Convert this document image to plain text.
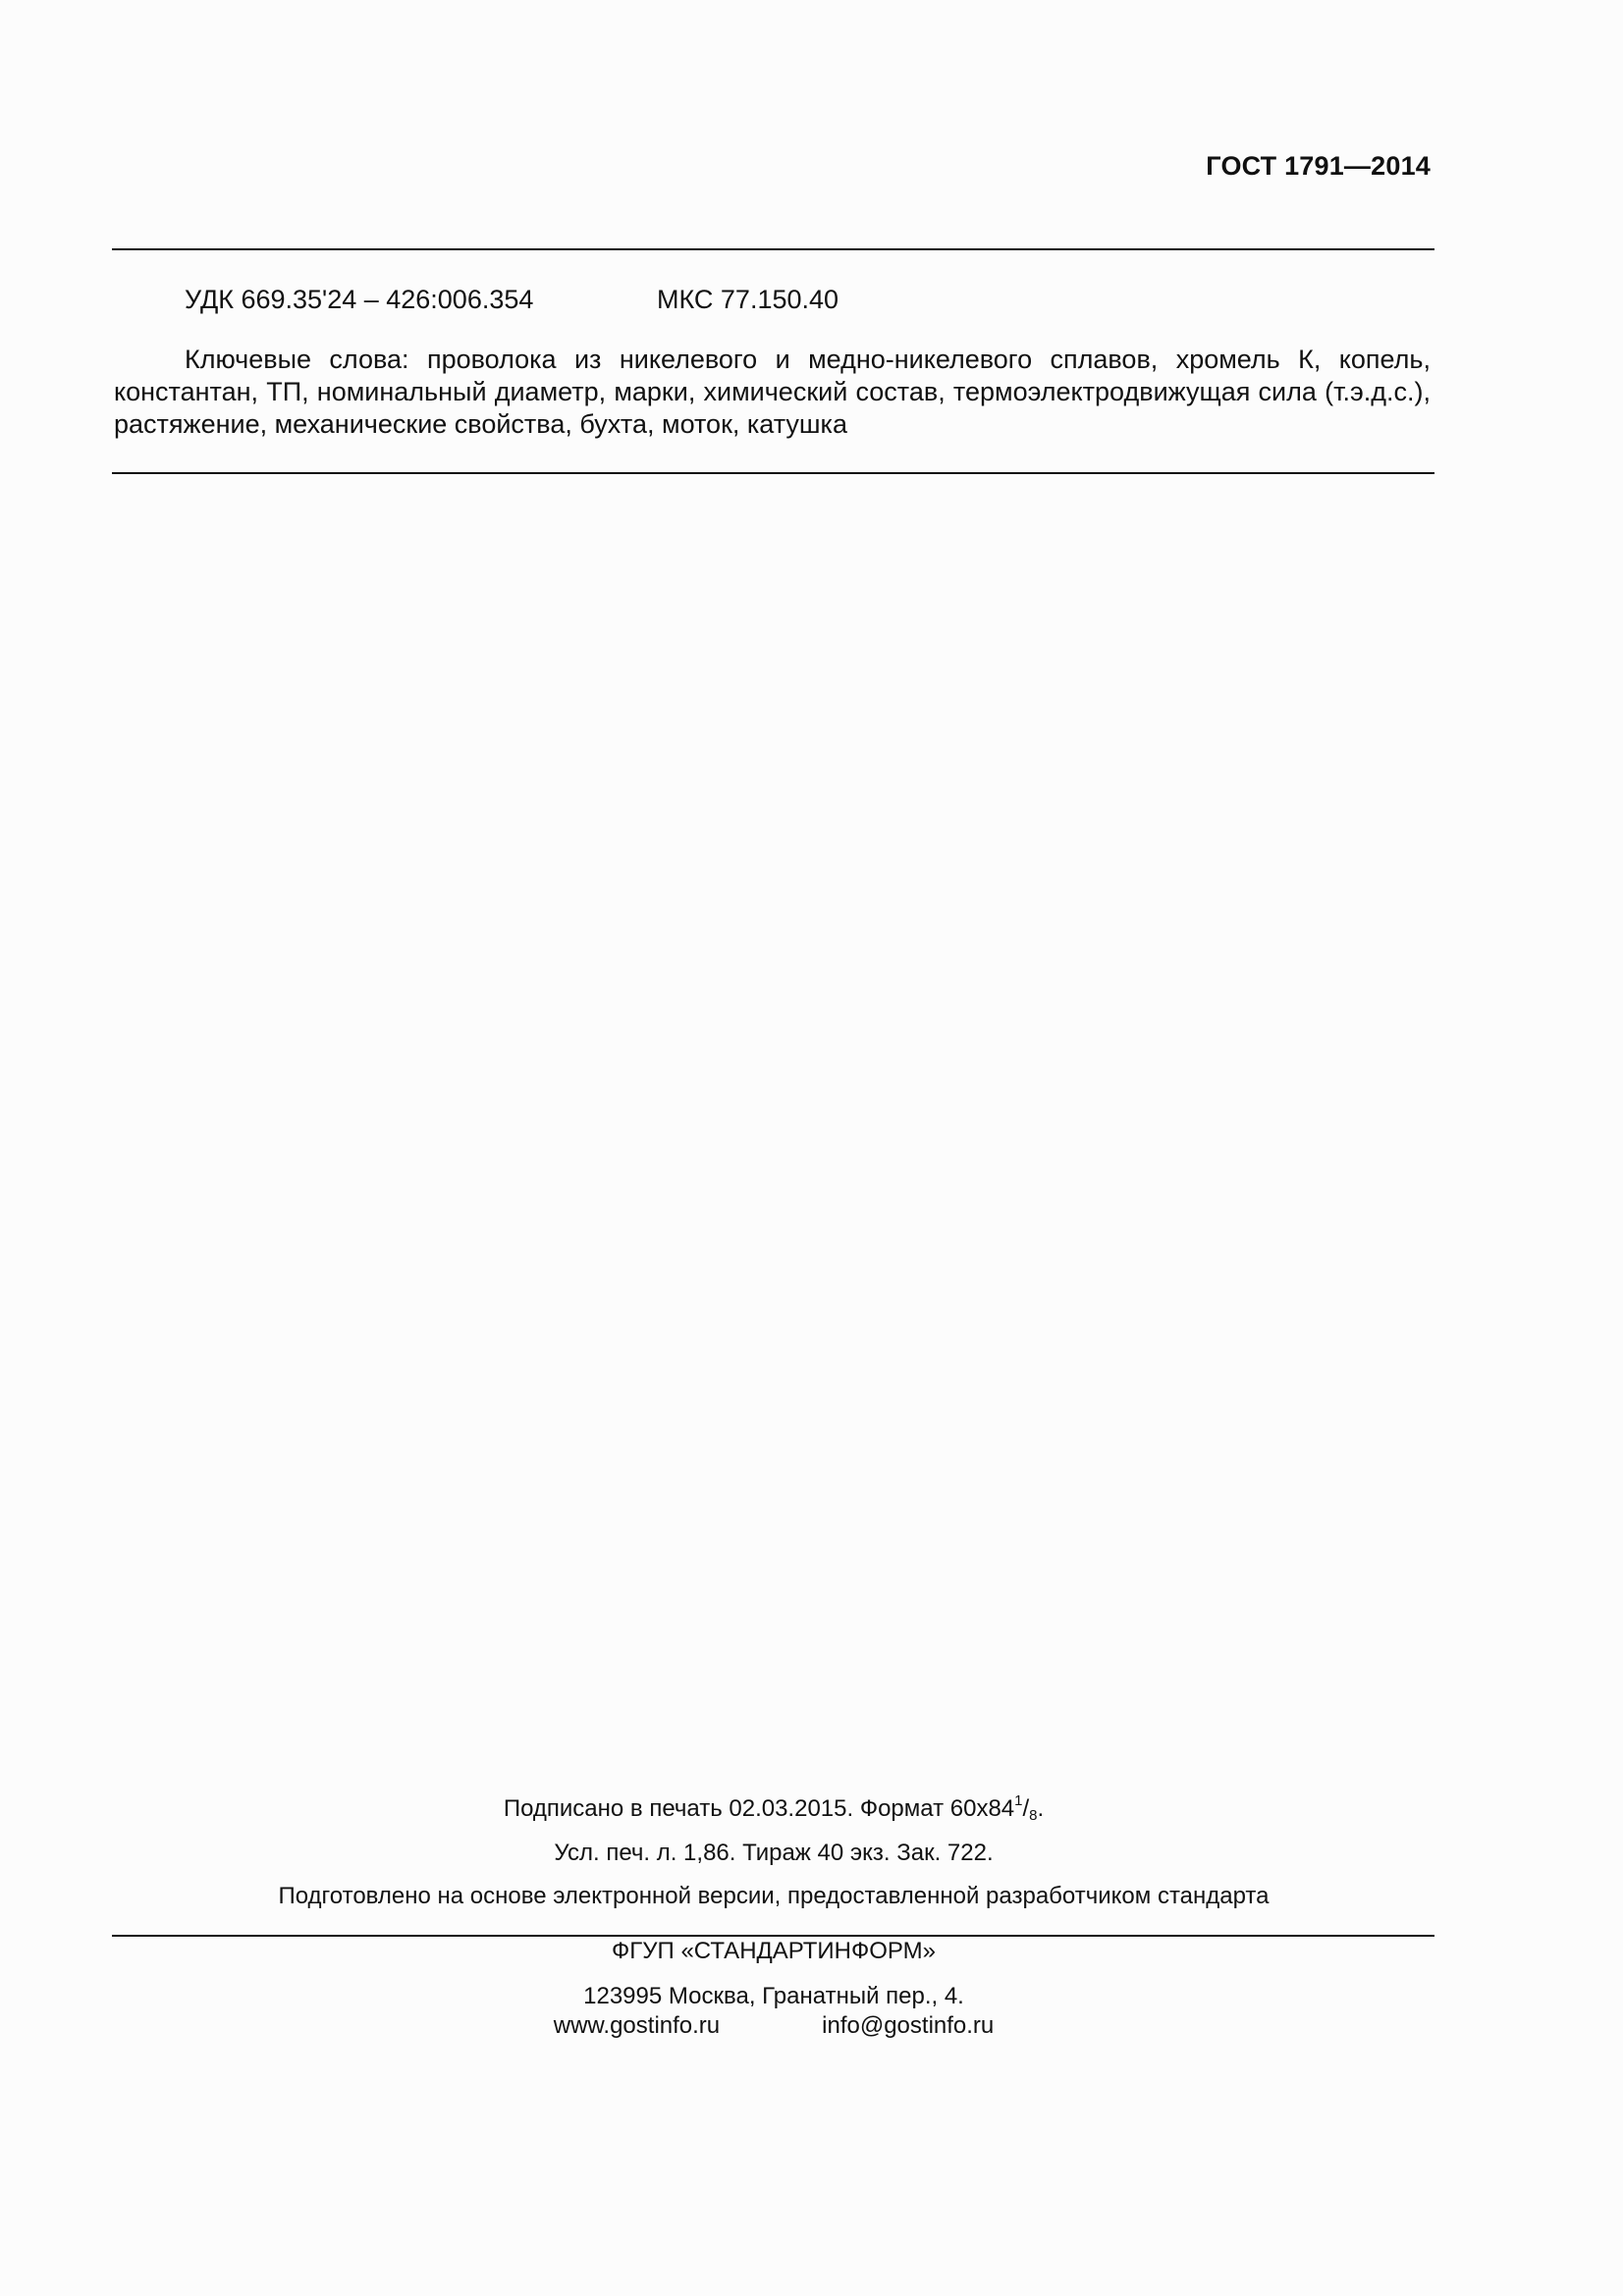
ГОСТ 1791—2014
УДК 669.35'24 – 426:006.354	МКС 77.150.40

Ключевые слова: проволока из никелевого и медно-никелевого сплавов, хромель К, копель, константан, ТП, номинальный диаметр, марки, химический состав, термоэлектродвижущая сила (т.э.д.с.), растяжение, механические свойства, бухта, моток, катушка

Подписано в печать 02.03.2015. Формат $60х84^1/8$.
Усл. печ. л. 1,86. Тираж 40 экз. Зак. 722.
Подготовлено на основе электронной версии, предоставленной разработчиком стандарта
ФГУП «СТАНДАРТИНФОРМ»
123995 Москва, Гранатный пер., 4.
www.gostinfo.ru	info@gostinfo.ru
